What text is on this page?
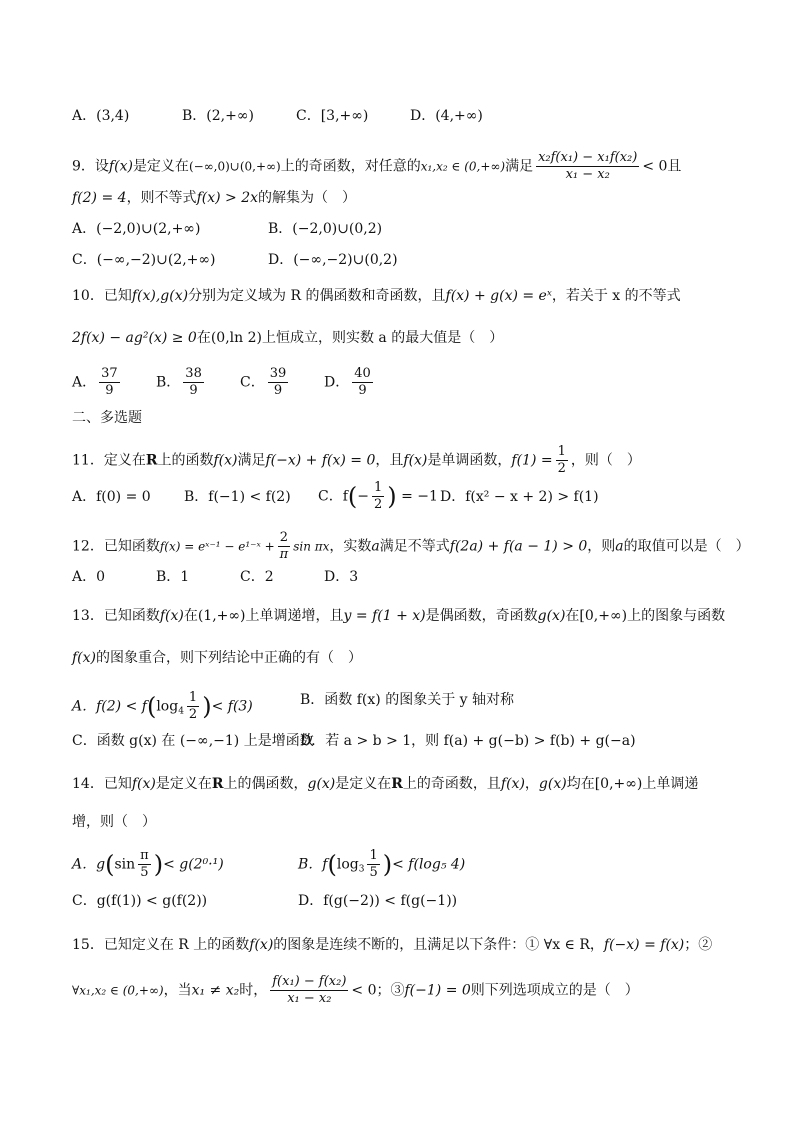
A．(3,4)	B．(2,+∞)	C．[3,+∞)	D．(4,+∞)
9．设f(x)是定义在(−∞,0)∪(0,+∞)上的奇函数，对任意的x₁,x₂ ∈ (0,+∞)满足 $\frac{\text{x₂f(x₁) − x₁f(x₂)}}{\text{x₁ − x₂}} < 0$且
f(2) = 4，则不等式f(x) > 2x的解集为（　）
A．(−2,0)∪(2,+∞)	B．(−2,0)∪(0,2)
C．(−∞,−2)∪(2,+∞)	D．(−∞,−2)∪(0,2)
10．已知f(x),g(x)分别为定义域为 R 的偶函数和奇函数，且f(x) + g(x) = eˣ，若关于 x 的不等式
2f(x) − ag²(x) ≥ 0在(0,ln 2)上恒成立，则实数 a 的最大值是（　）
A． $\frac{37}{9}$	B． $\frac{38}{9}$	C． $\frac{39}{9}$	D． $\frac{40}{9}$
二、多选题
11．定义在R上的函数f(x)满足f(−x) + f(x) = 0，且f(x)是单调函数，$f(1) = \frac{1}{2}$ ，则（　）
A．f(0) = 0 B．f(−1) < f(2) C．$f(- \frac{1}{2}$ ) = −1 D．f(x² − x + 2) > f(1)
12．已知函数f(x) = eˣ⁻¹ − e¹⁻ˣ + $\frac{2}{\pi}$ sin πx，实数a满足不等式f(2a) + f(a − 1) > 0，则a的取值可以是（　）
A．0	B．1	C．2	D．3
13．已知函数f(x)在(1,+∞)上单调递增，且y = f(1 + x)是偶函数，奇函数g(x)在[0,+∞)上的图象与函数
f(x)的图象重合，则下列结论中正确的有（　）
A．$f(2) < f(\log_4 \frac{1}{2}$ )< f(3)	B．函数 f(x) 的图象关于 y 轴对称
C．函数 g(x) 在 (−∞,−1) 上是增函数
D．若 a > b > 1，则 f(a) + g(−b) > f(b) + g(−a)
14．已知f(x)是定义在R上的偶函数，g(x)是定义在R上的奇函数，且f(x)，g(x)均在[0,+∞)上单调递
增，则（　）
A．$g(\sin \frac{\pi}{5}$ )< g(2⁰·¹)	B．$f(\log_3 \frac{1}{5}$ )< f(log₅ 4)
C．g(f(1)) < g(f(2))	D．f(g(−2)) < f(g(−1))
15．已知定义在 R 上的函数f(x)的图象是连续不断的，且满足以下条件：① ∀x ∈ R，f(−x) = f(x)；②
∀x₁,x₂ ∈ (0,+∞)，当x₁ ≠ x₂时， $\frac{\text{f(x₁) − f(x₂)}}{\text{x₁ − x₂}} < 0$；③f(−1) = 0则下列选项成立的是（　）
